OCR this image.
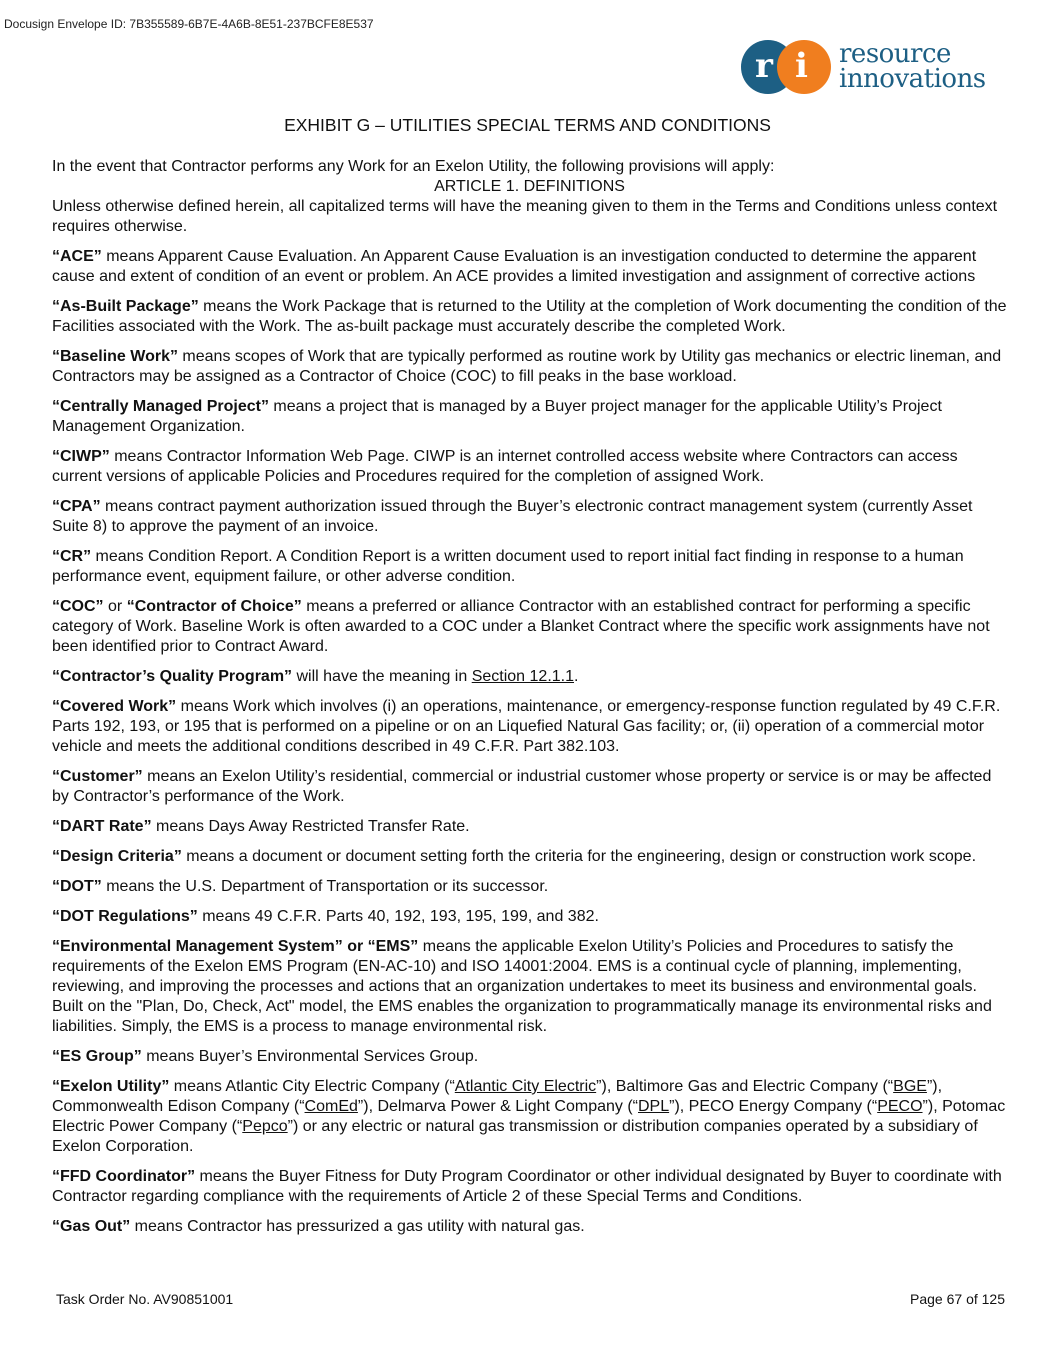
Docusign Envelope ID: 7B355589-6B7E-4A6B-8E51-237BCFE8E537
r i resource
innovations
EXHIBIT G – UTILITIES SPECIAL TERMS AND CONDITIONS

In the event that Contractor performs any Work for an Exelon Utility, the following provisions will apply:

ARTICLE 1. DEFINITIONS

Unless otherwise defined herein, all capitalized terms will have the meaning given to them in the Terms and Conditions unless context requires otherwise.

“ACE” means Apparent Cause Evaluation. An Apparent Cause Evaluation is an investigation conducted to determine the apparent cause and extent of condition of an event or problem. An ACE provides a limited investigation and assignment of corrective actions

“As-Built Package” means the Work Package that is returned to the Utility at the completion of Work documenting the condition of the Facilities associated with the Work. The as-built package must accurately describe the completed Work.

“Baseline Work” means scopes of Work that are typically performed as routine work by Utility gas mechanics or electric lineman, and Contractors may be assigned as a Contractor of Choice (COC) to fill peaks in the base workload.

“Centrally Managed Project” means a project that is managed by a Buyer project manager for the applicable Utility’s Project Management Organization.

“CIWP” means Contractor Information Web Page. CIWP is an internet controlled access website where Contractors can access current versions of applicable Policies and Procedures required for the completion of assigned Work.

“CPA” means contract payment authorization issued through the Buyer’s electronic contract management system (currently Asset Suite 8) to approve the payment of an invoice.

“CR” means Condition Report. A Condition Report is a written document used to report initial fact finding in response to a human performance event, equipment failure, or other adverse condition.

“COC” or “Contractor of Choice” means a preferred or alliance Contractor with an established contract for performing a specific category of Work. Baseline Work is often awarded to a COC under a Blanket Contract where the specific work assignments have not been identified prior to Contract Award.

“Contractor’s Quality Program” will have the meaning in Section 12.1.1.

“Covered Work” means Work which involves (i) an operations, maintenance, or emergency-response function regulated by 49 C.F.R. Parts 192, 193, or 195 that is performed on a pipeline or on an Liquefied Natural Gas facility; or, (ii) operation of a commercial motor vehicle and meets the additional conditions described in 49 C.F.R. Part 382.103.

“Customer” means an Exelon Utility’s residential, commercial or industrial customer whose property or service is or may be affected by Contractor’s performance of the Work.

“DART Rate” means Days Away Restricted Transfer Rate.

“Design Criteria” means a document or document setting forth the criteria for the engineering, design or construction work scope.

“DOT” means the U.S. Department of Transportation or its successor.

“DOT Regulations” means 49 C.F.R. Parts 40, 192, 193, 195, 199, and 382.

“Environmental Management System” or “EMS” means the applicable Exelon Utility’s Policies and Procedures to satisfy the requirements of the Exelon EMS Program (EN-AC-10) and ISO 14001:2004. EMS is a continual cycle of planning, implementing, reviewing, and improving the processes and actions that an organization undertakes to meet its business and environmental goals. Built on the "Plan, Do, Check, Act" model, the EMS enables the organization to programmatically manage its environmental risks and liabilities. Simply, the EMS is a process to manage environmental risk.

“ES Group” means Buyer’s Environmental Services Group.

“Exelon Utility” means Atlantic City Electric Company (“Atlantic City Electric”), Baltimore Gas and Electric Company (“BGE”), Commonwealth Edison Company (“ComEd”), Delmarva Power & Light Company (“DPL”), PECO Energy Company (“PECO”), Potomac Electric Power Company (“Pepco”) or any electric or natural gas transmission or distribution companies operated by a subsidiary of Exelon Corporation.

“FFD Coordinator” means the Buyer Fitness for Duty Program Coordinator or other individual designated by Buyer to coordinate with Contractor regarding compliance with the requirements of Article 2 of these Special Terms and Conditions.

“Gas Out” means Contractor has pressurized a gas utility with natural gas.

Task Order No. AV90851001	Page 67 of 125
